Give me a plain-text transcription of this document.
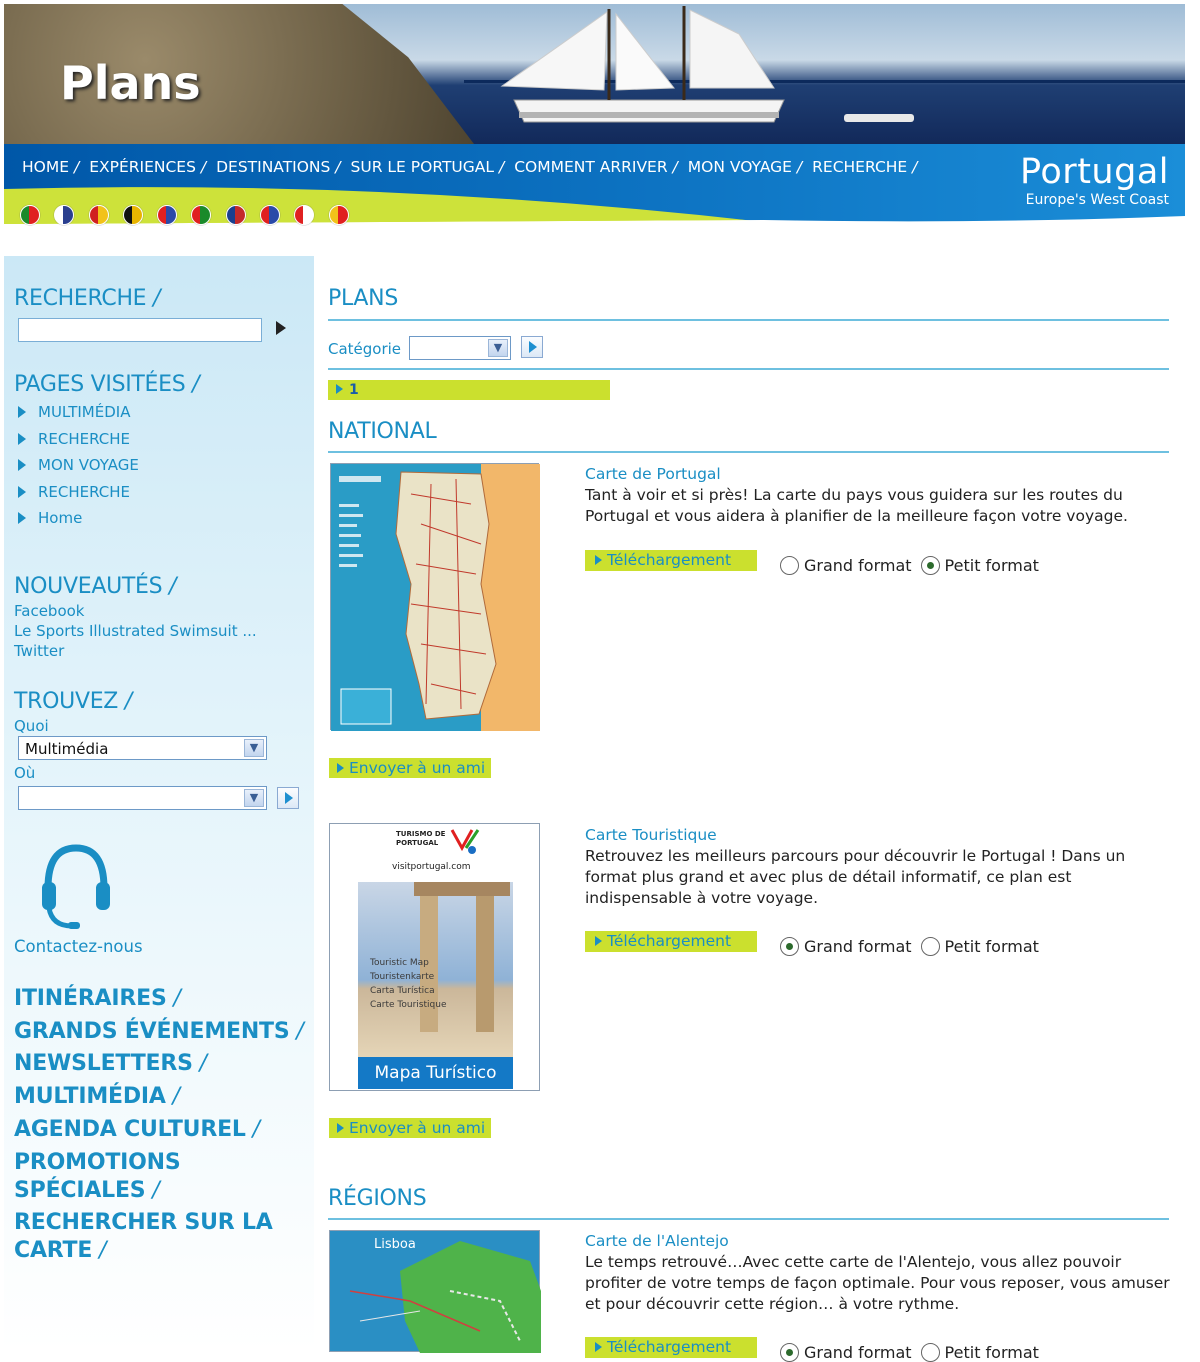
Plans
HOME /	EXPÉRIENCES /	DESTINATIONS /	SUR LE PORTUGAL /	COMMENT ARRIVER /	MON VOYAGE /	RECHERCHE /	Portugal
Europe's West Coast
RECHERCHE /
PAGES VISITÉES /
MULTIMÉDIA
RECHERCHE
MON VOYAGE
RECHERCHE
Home
NOUVEAUTÉS /
Facebook
Le Sports Illustrated Swimsuit ...
Twitter
TROUVEZ /
Quoi
Multimédia	▼
Où
▼
Contactez-nous
ITINÉRAIRES /
GRANDS ÉVÉNEMENTS /
NEWSLETTERS /
MULTIMÉDIA /
AGENDA CULTUREL /
PROMOTIONS SPÉCIALES /
RECHERCHER SUR LA CARTE /
PLANS
Catégorie	▼
1
NATIONAL
Carte de Portugal
Tant à voir et si près! La carte du pays vous guidera sur les routes du Portugal et vous aidera à planifier de la meilleure façon votre voyage.
Téléchargement	Grand format Petit format
Envoyer à un ami
TURISMO DE PORTUGAL
visitportugal.com
Touristic Map
Touristenkarte
Carta Turística
Carte Touristique
Mapa Turístico
Carte Touristique
Retrouvez les meilleurs parcours pour découvrir le Portugal ! Dans un format plus grand et avec plus de détail informatif, ce plan est indispensable à votre voyage.
Téléchargement	Grand format Petit format
Envoyer à un ami
RÉGIONS
Lisboa	Carte de l'Alentejo
Le temps retrouvé…Avec cette carte de l'Alentejo, vous allez pouvoir profiter de votre temps de façon optimale. Pour vous reposer, vous amuser et pour découvrir cette région… à votre rythme.
Téléchargement	Grand format Petit format
